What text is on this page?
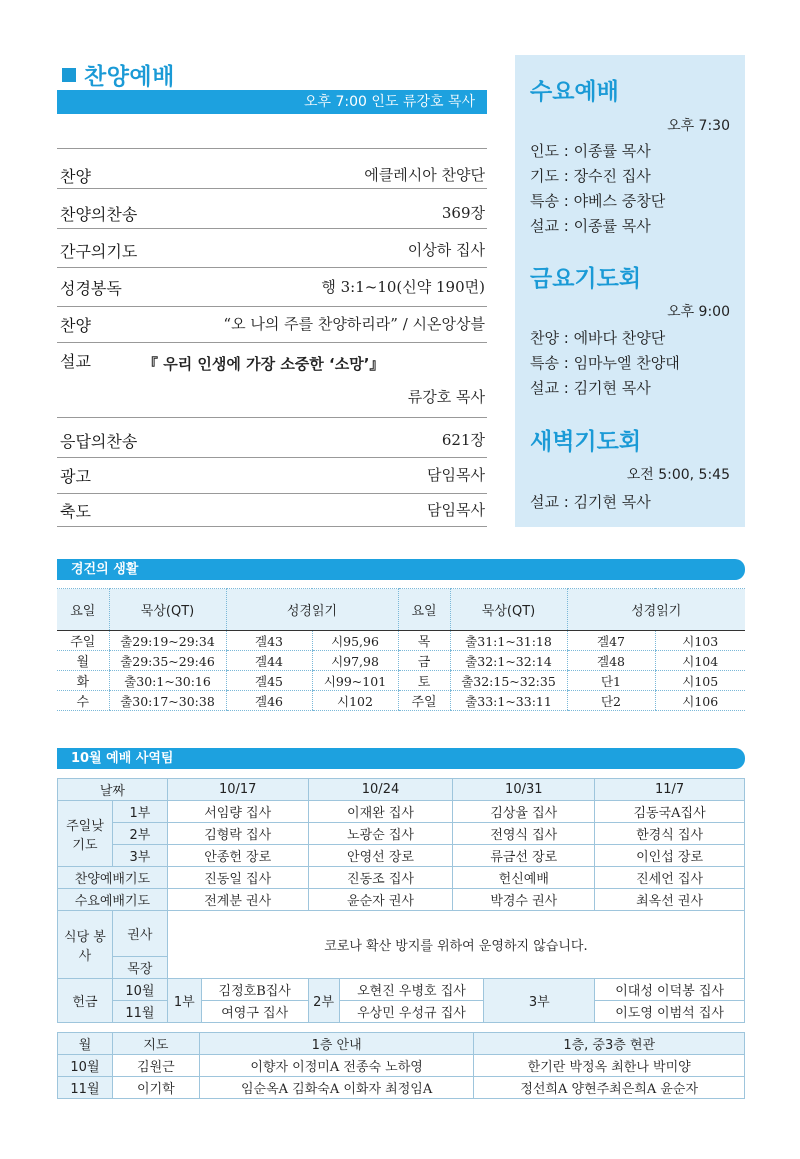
찬양예배
오후 7:00 인도 류강호 목사
찬양	에클레시아 찬양단
찬양의찬송	369장
간구의기도	이상하 집사
성경봉독	행 3:1~10(신약 190면)
찬양	“오 나의 주를 찬양하리라” / 시온앙상블
설교	『 우리 인생에 가장 소중한 ‘소망’』
류강호 목사
응답의찬송	621장
광고	담임목사
축도	담임목사
수요예배
오후 7:30
인도 : 이종률 목사
기도 : 장수진 집사
특송 : 야베스 중창단
설교 : 이종률 목사
금요기도회
오후 9:00
찬양 : 에바다 찬양단
특송 : 임마누엘 찬양대
설교 : 김기현 목사
새벽기도회
오전 5:00, 5:45
설교 : 김기현 목사
경건의 생활
요일	묵상(QT)	성경읽기		요일	묵상(QT)	성경읽기	
주일	출29:19~29:34	겔43	시95,96	목	출31:1~31:18	겔47	시103
월	출29:35~29:46	겔44	시97,98	금	출32:1~32:14	겔48	시104
화	출30:1~30:16	겔45	시99~101	토	출32:15~32:35	단1	시105
수	출30:17~30:38	겔46	시102	주일	출33:1~33:11	단2	시106
10월 예배 사역팀
날짜		10/17		10/24		10/31		11/7
주일낮 기도	1부	서임량 집사		이재완 집사		김상율 집사		김동국A집사
	2부	김형락 집사		노광순 집사		전영식 집사		한경식 집사
	3부	안종헌 장로		안영선 장로		류금선 장로		이인섭 장로
찬양예배기도		진동일 집사		진동조 집사		헌신예배		진세언 집사
수요예배기도		전계분 권사		윤순자 권사		박경수 권사		최옥선 권사
식당 봉사	권사	코로나 확산 방지를 위하여 운영하지 않습니다.						
	목장							
헌금	10월	1부	김정호B집사	2부	오현진 우병호 집사		3부	이대성 이덕봉 집사
	11월		여영구 집사		우상민 우성규 집사			이도영 이범석 집사
월	지도	1층 안내	1층, 중3층 현관
10월	김원근	이향자 이정미A 전종숙 노하영	한기란 박정옥 최한나 박미양
11월	이기학	임순옥A 김화숙A 이화자 최정임A	정선희A 양현주최은희A 윤순자
